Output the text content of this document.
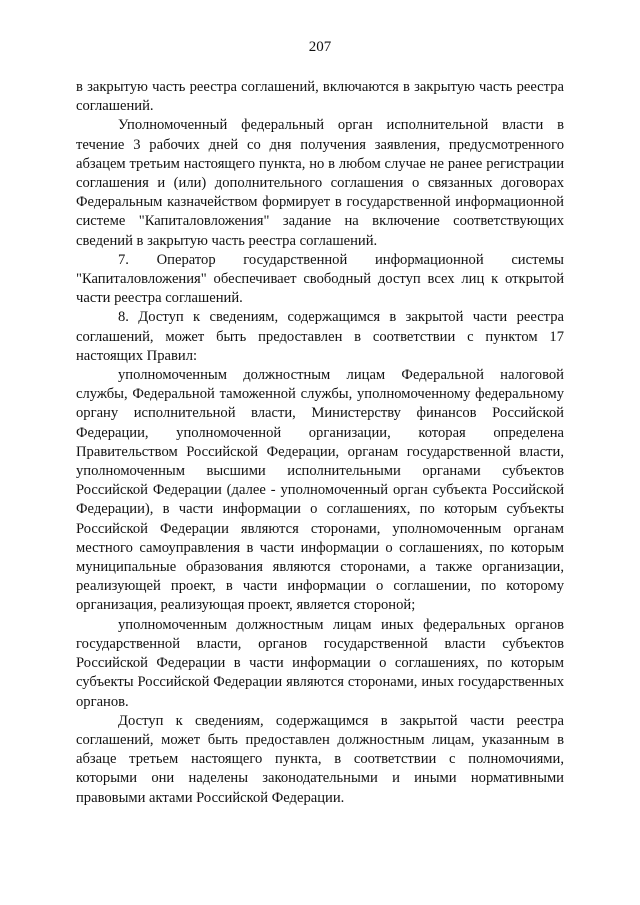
207

в закрытую часть реестра соглашений, включаются в закрытую часть реестра соглашений.

Уполномоченный федеральный орган исполнительной власти в течение 3 рабочих дней со дня получения заявления, предусмотренного абзацем третьим настоящего пункта, но в любом случае не ранее регистрации соглашения и (или) дополнительного соглашения о связанных договорах Федеральным казначейством формирует в государственной информационной системе "Капиталовложения" задание на включение соответствующих сведений в закрытую часть реестра соглашений.

7. Оператор государственной информационной системы "Капиталовложения" обеспечивает свободный доступ всех лиц к открытой части реестра соглашений.

8. Доступ к сведениям, содержащимся в закрытой части реестра соглашений, может быть предоставлен в соответствии с пунктом 17 настоящих Правил:

уполномоченным должностным лицам Федеральной налоговой службы, Федеральной таможенной службы, уполномоченному федеральному органу исполнительной власти, Министерству финансов Российской Федерации, уполномоченной организации, которая определена Правительством Российской Федерации, органам государственной власти, уполномоченным высшими исполнительными органами субъектов Российской Федерации (далее - уполномоченный орган субъекта Российской Федерации), в части информации о соглашениях, по которым субъекты Российской Федерации являются сторонами, уполномоченным органам местного самоуправления в части информации о соглашениях, по которым муниципальные образования являются сторонами, а также организации, реализующей проект, в части информации о соглашении, по которому организация, реализующая проект, является стороной;

уполномоченным должностным лицам иных федеральных органов государственной власти, органов государственной власти субъектов Российской Федерации в части информации о соглашениях, по которым субъекты Российской Федерации являются сторонами, иных государственных органов.

Доступ к сведениям, содержащимся в закрытой части реестра соглашений, может быть предоставлен должностным лицам, указанным в абзаце третьем настоящего пункта, в соответствии с полномочиями, которыми они наделены законодательными и иными нормативными правовыми актами Российской Федерации.
